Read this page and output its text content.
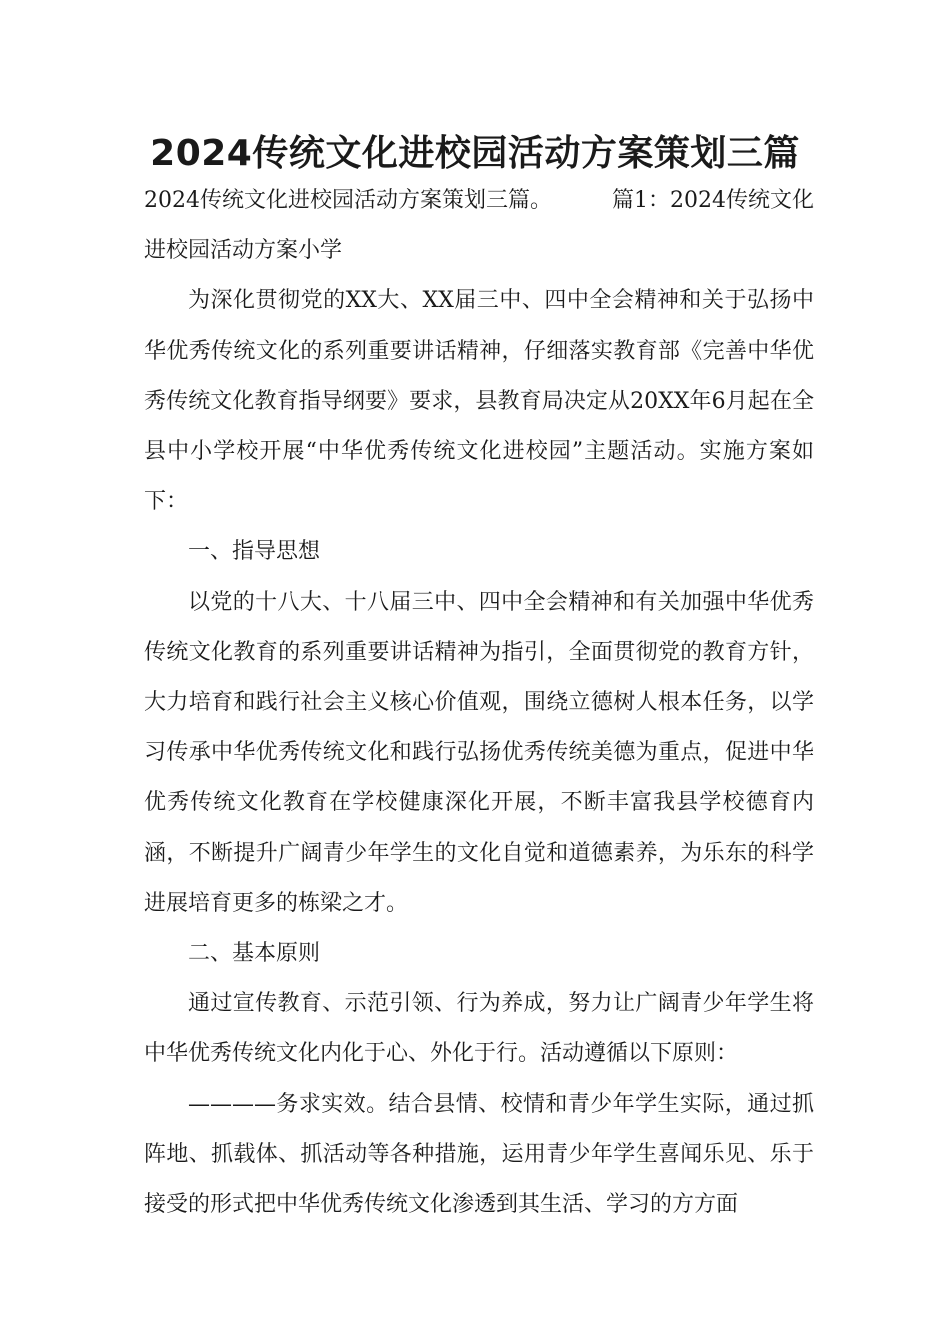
2024传统文化进校园活动方案策划三篇

2024传统文化进校园活动方案策划三篇。	篇1：2024传统文化进校园活动方案小学

为深化贯彻党的XX大、XX届三中、四中全会精神和关于弘扬中华优秀传统文化的系列重要讲话精神，仔细落实教育部《完善中华优秀传统文化教育指导纲要》要求，县教育局决定从20XX年6月起在全县中小学校开展“中华优秀传统文化进校园”主题活动。实施方案如下：

一、指导思想

以党的十八大、十八届三中、四中全会精神和有关加强中华优秀传统文化教育的系列重要讲话精神为指引，全面贯彻党的教育方针，大力培育和践行社会主义核心价值观，围绕立德树人根本任务，以学习传承中华优秀传统文化和践行弘扬优秀传统美德为重点，促进中华优秀传统文化教育在学校健康深化开展，不断丰富我县学校德育内涵，不断提升广阔青少年学生的文化自觉和道德素养，为乐东的科学进展培育更多的栋梁之才。

二、基本原则

通过宣传教育、示范引领、行为养成，努力让广阔青少年学生将中华优秀传统文化内化于心、外化于行。活动遵循以下原则：

————务求实效。结合县情、校情和青少年学生实际，通过抓阵地、抓载体、抓活动等各种措施，运用青少年学生喜闻乐见、乐于接受的形式把中华优秀传统文化渗透到其生活、学习的方方面
